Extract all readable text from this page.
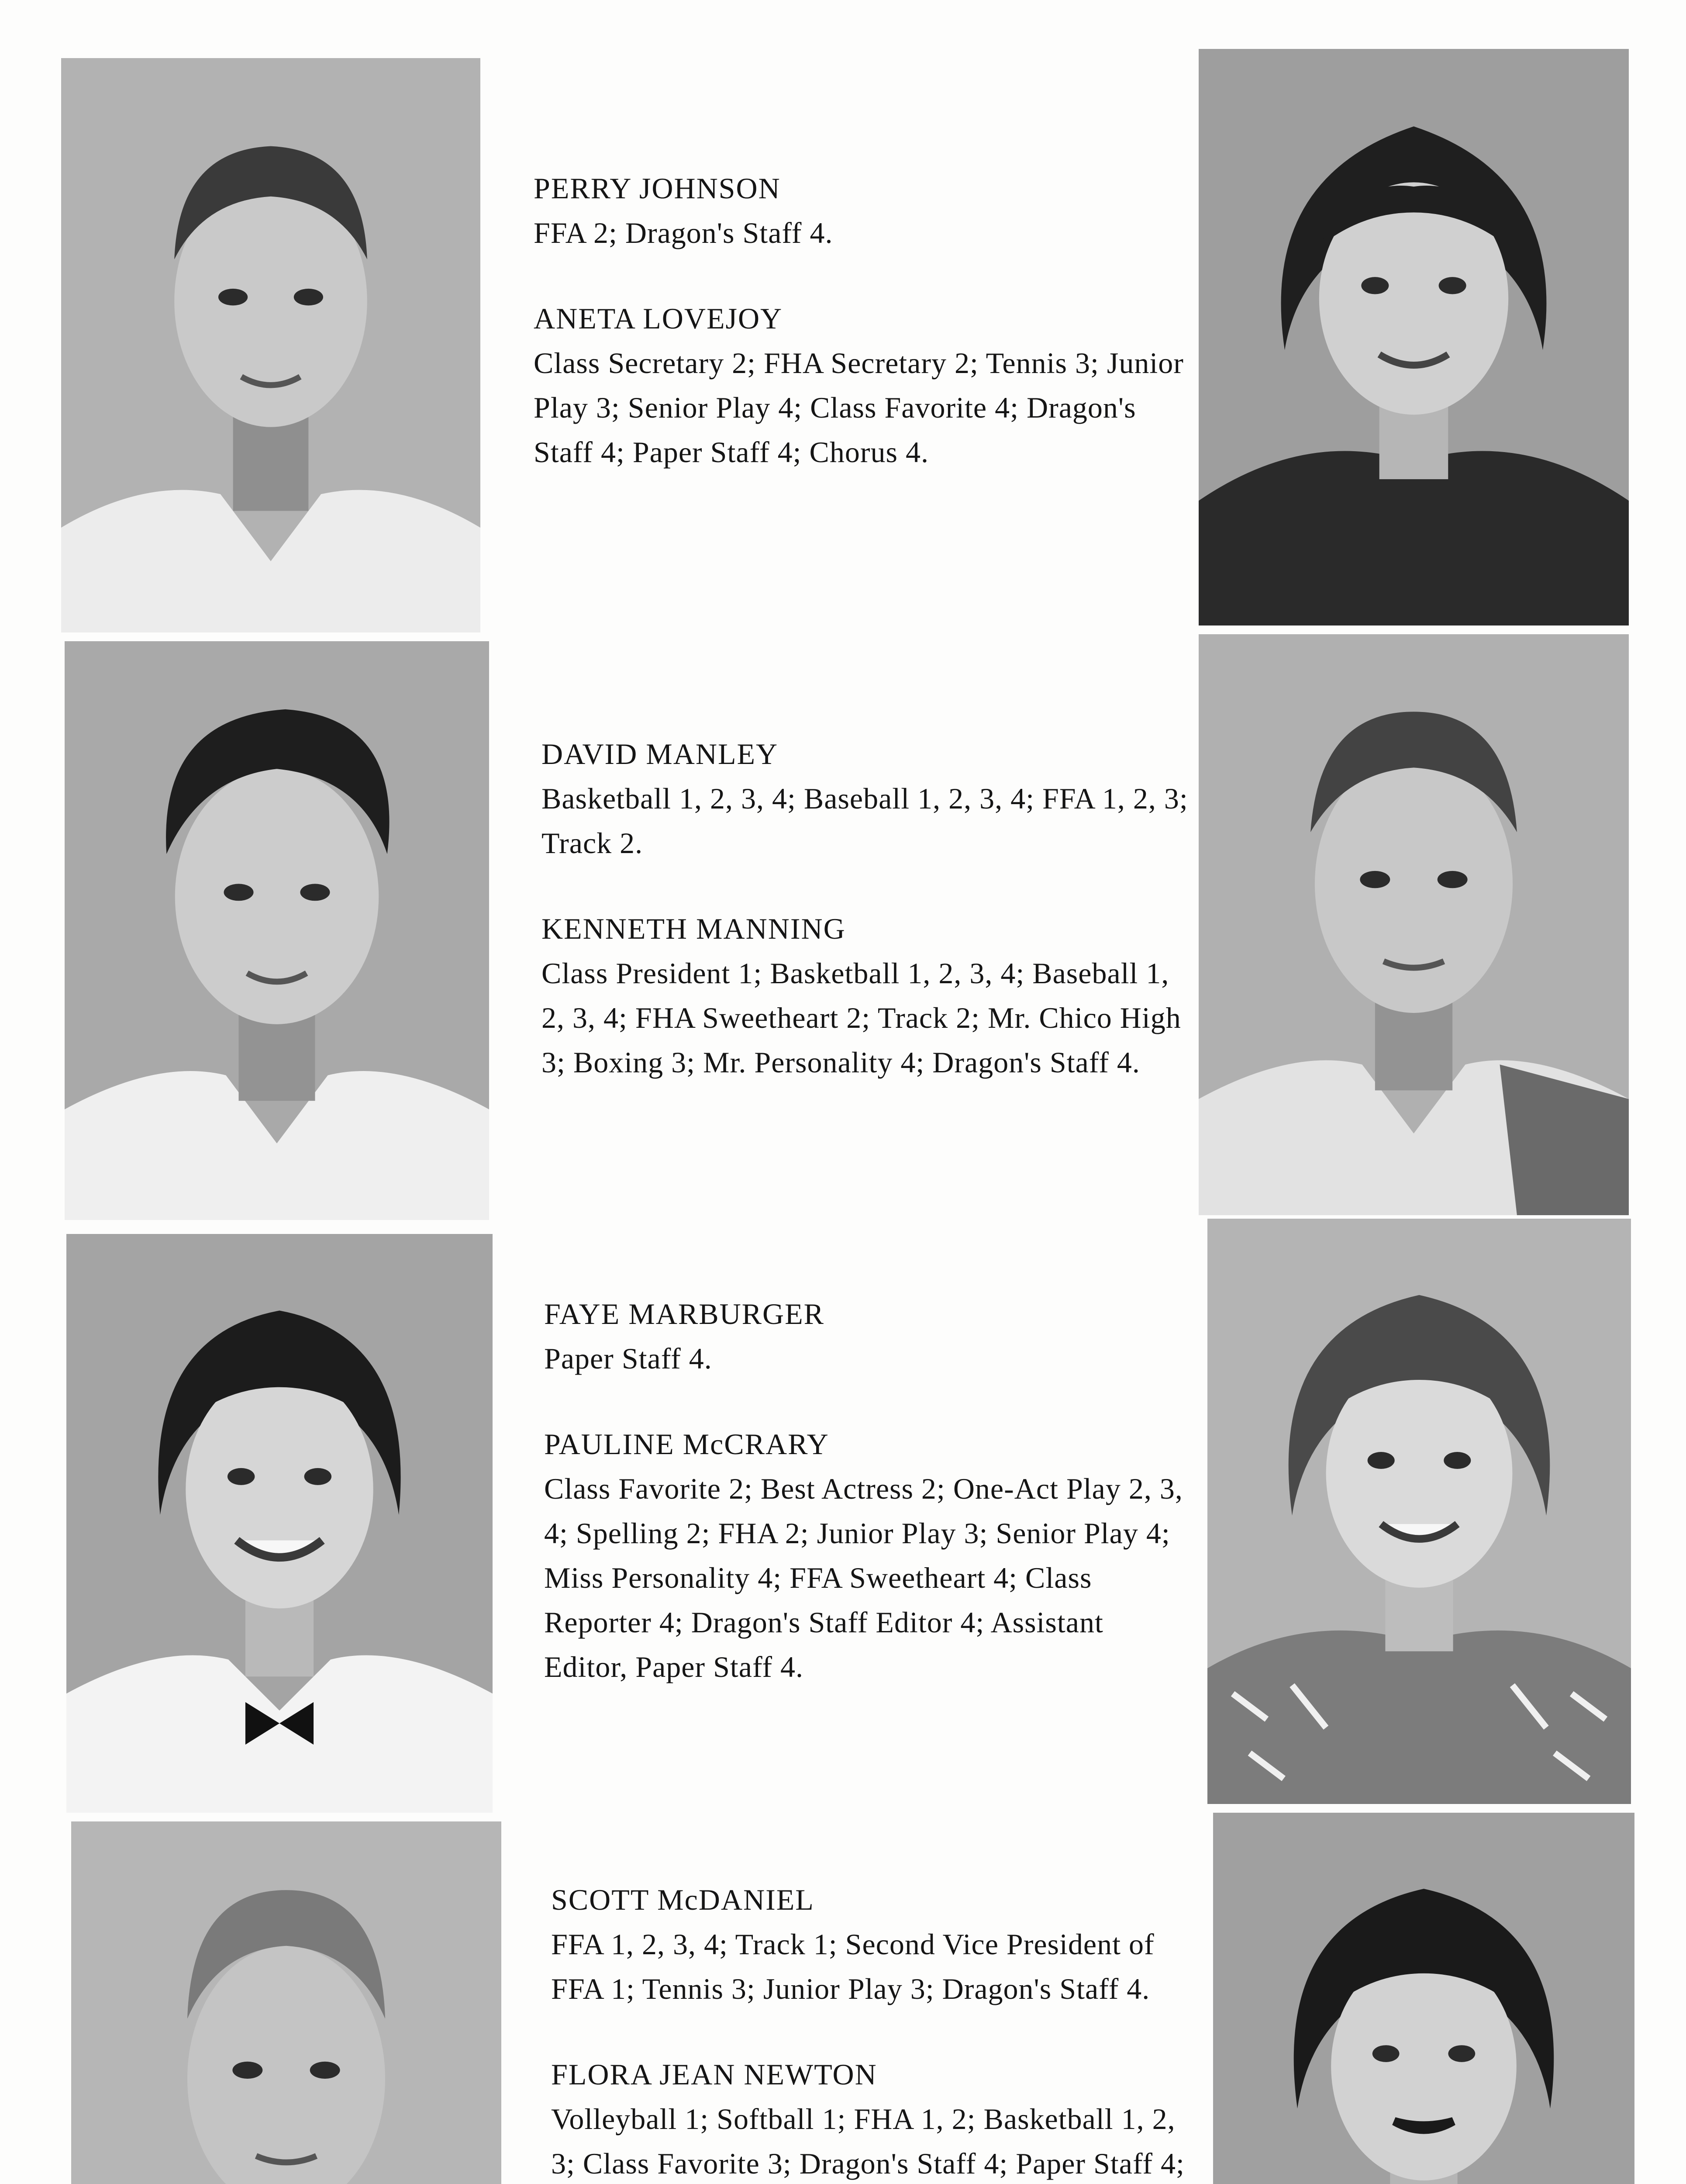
PERRY JOHNSON

FFA 2; Dragon's Staff 4.

ANETA LOVEJOY

Class Secretary 2; FHA Secretary 2; Tennis 3; Junior Play 3; Senior Play 4; Class Favorite 4; Dragon's Staff 4; Paper Staff 4; Chorus 4.

DAVID MANLEY

Basketball 1, 2, 3, 4; Baseball 1, 2, 3, 4; FFA 1, 2, 3; Track 2.

KENNETH MANNING

Class President 1; Basketball 1, 2, 3, 4; Baseball 1, 2, 3, 4; FHA Sweetheart 2; Track 2; Mr. Chico High 3; Boxing 3; Mr. Personality 4; Dragon's Staff 4.

FAYE MARBURGER

Paper Staff 4.

PAULINE McCRARY

Class Favorite 2; Best Actress 2; One-Act Play 2, 3, 4; Spelling 2; FHA 2; Junior Play 3; Senior Play 4; Miss Personality 4; FFA Sweetheart 4; Class Reporter 4; Dragon's Staff Editor 4; Assistant Editor, Paper Staff 4.

SCOTT McDANIEL

FFA 1, 2, 3, 4; Track 1; Second Vice President of FFA 1; Tennis 3; Junior Play 3; Dragon's Staff 4.

FLORA JEAN NEWTON

Volleyball 1; Softball 1; FHA 1, 2; Basketball 1, 2, 3; Class Favorite 3; Dragon's Staff 4; Paper Staff 4;
